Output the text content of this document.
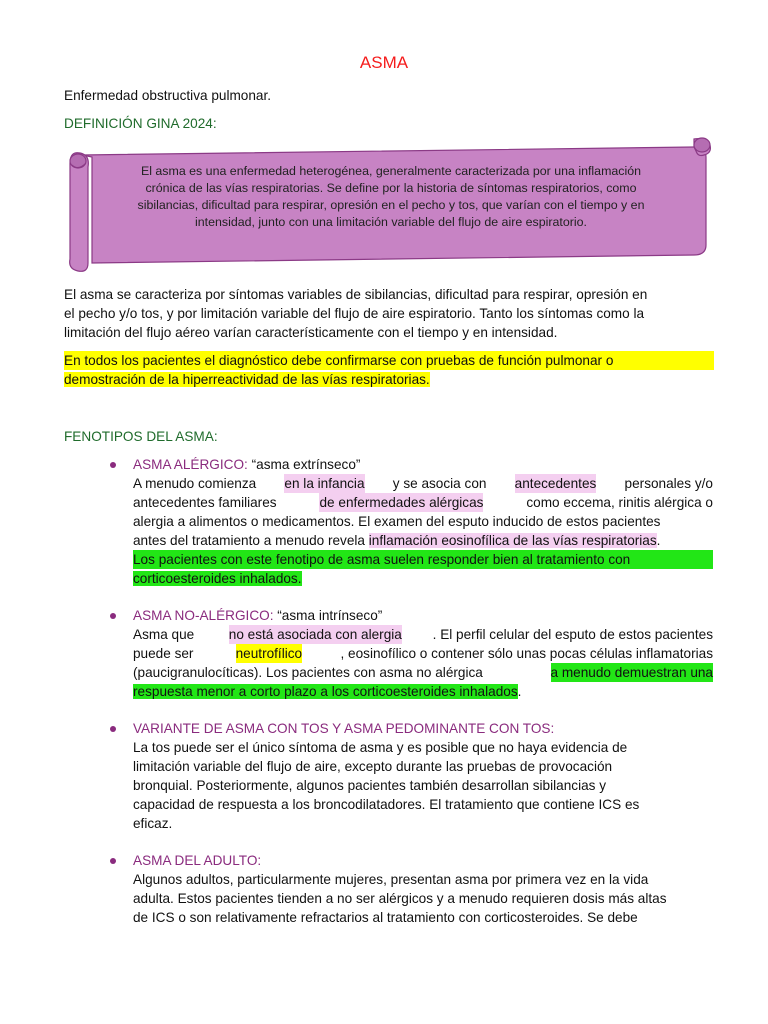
ASMA
Enfermedad obstructiva pulmonar.
DEFINICIÓN GINA 2024:
El asma es una enfermedad heterogénea, generalmente caracterizada por una inflamación
crónica de las vías respiratorias. Se define por la historia de síntomas respiratorios, como
sibilancias, dificultad para respirar, opresión en el pecho y tos, que varían con el tiempo y en
intensidad, junto con una limitación variable del flujo de aire espiratorio.
El asma se caracteriza por síntomas variables de sibilancias, dificultad para respirar, opresión en
el pecho y/o tos, y por limitación variable del flujo de aire espiratorio. Tanto los síntomas como la
limitación del flujo aéreo varían característicamente con el tiempo y en intensidad.
En todos los pacientes el diagnóstico debe confirmarse con pruebas de función pulmonar o
demostración de la hiperreactividad de las vías respiratorias.
FENOTIPOS DEL ASMA:
ASMA ALÉRGICO: “asma extrínseco”
A menudo comienza en la infancia y se asocia con antecedentes personales y/o
antecedentes familiares	de enfermedades alérgicas	como eccema, rinitis alérgica o
alergia a alimentos o medicamentos. El examen del esputo inducido de estos pacientes
antes del tratamiento a menudo revela inflamación eosinofílica de las vías respiratorias.
Los pacientes con este fenotipo de asma suelen responder bien al tratamiento con
corticoesteroides inhalados.
ASMA NO-ALÉRGICO: “asma intrínseco”
Asma que no está asociada con alergia . El perfil celular del esputo de estos pacientes
puede ser	neutrofílico	, eosinofílico o contener sólo unas pocas células inflamatorias
(paucigranulocíticas). Los pacientes con asma no alérgica	a menudo demuestran una
respuesta menor a corto plazo a los corticoesteroides inhalados.
VARIANTE DE ASMA CON TOS Y ASMA PEDOMINANTE CON TOS:
La tos puede ser el único síntoma de asma y es posible que no haya evidencia de
limitación variable del flujo de aire, excepto durante las pruebas de provocación
bronquial. Posteriormente, algunos pacientes también desarrollan sibilancias y
capacidad de respuesta a los broncodilatadores. El tratamiento que contiene ICS es
eficaz.
ASMA DEL ADULTO:
Algunos adultos, particularmente mujeres, presentan asma por primera vez en la vida
adulta. Estos pacientes tienden a no ser alérgicos y a menudo requieren dosis más altas
de ICS o son relativamente refractarios al tratamiento con corticosteroides. Se debe
